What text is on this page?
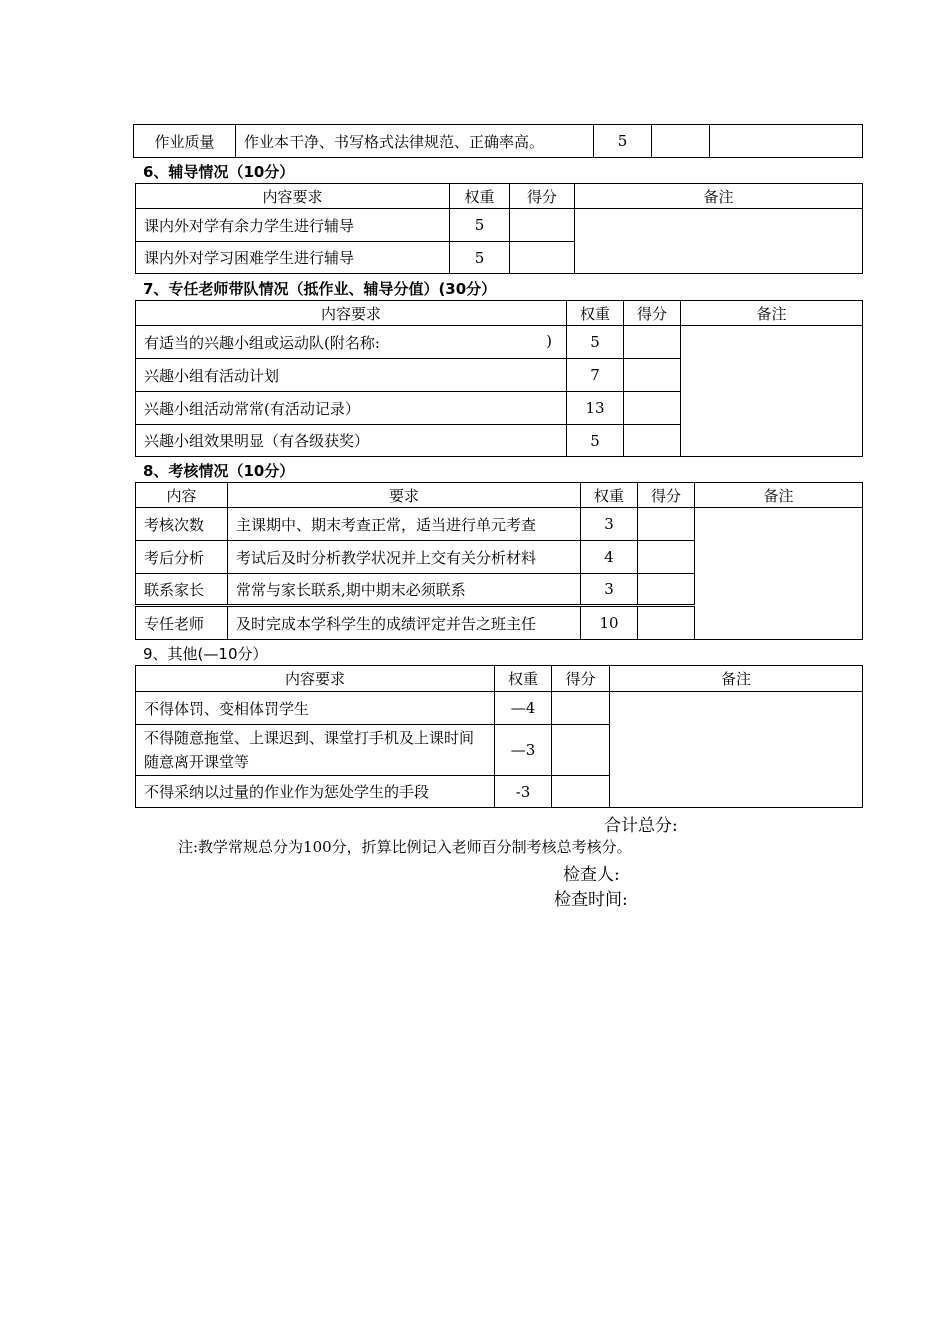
作业质量	作业本干净、书写格式法律规范、正确率高。	5		
6、辅导情况（10分）
内容要求	权重	得分	备注
课内外对学有余力学生进行辅导	5		
课内外对学习困难学生进行辅导	5		
7、专任老师带队情况（抵作业、辅导分值）(30分）
内容要求	权重	得分	备注
有适当的兴趣小组或运动队(附名称: )	5		
兴趣小组有活动计划	7		
兴趣小组活动常常(有活动记录）	13		
兴趣小组效果明显（有各级获奖）	5		
8、考核情况（10分）
内容	要求	权重	得分	备注
考核次数	主课期中、期末考查正常，适当进行单元考查	3		
考后分析	考试后及时分析教学状况并上交有关分析材料	4		
联系家长	常常与家长联系,期中期末必须联系	3		
专任老师	及时完成本学科学生的成绩评定并告之班主任	10		
9、其他(—10分）
内容要求	权重	得分	备注
不得体罚、变相体罚学生	—4		
不得随意拖堂、上课迟到、课堂打手机及上课时间随意离开课堂等	—3		
不得采纳以过量的作业作为惩处学生的手段	-3		
合计总分:
注:教学常规总分为100分，折算比例记入老师百分制考核总考核分。
检查人:
检查时间:
